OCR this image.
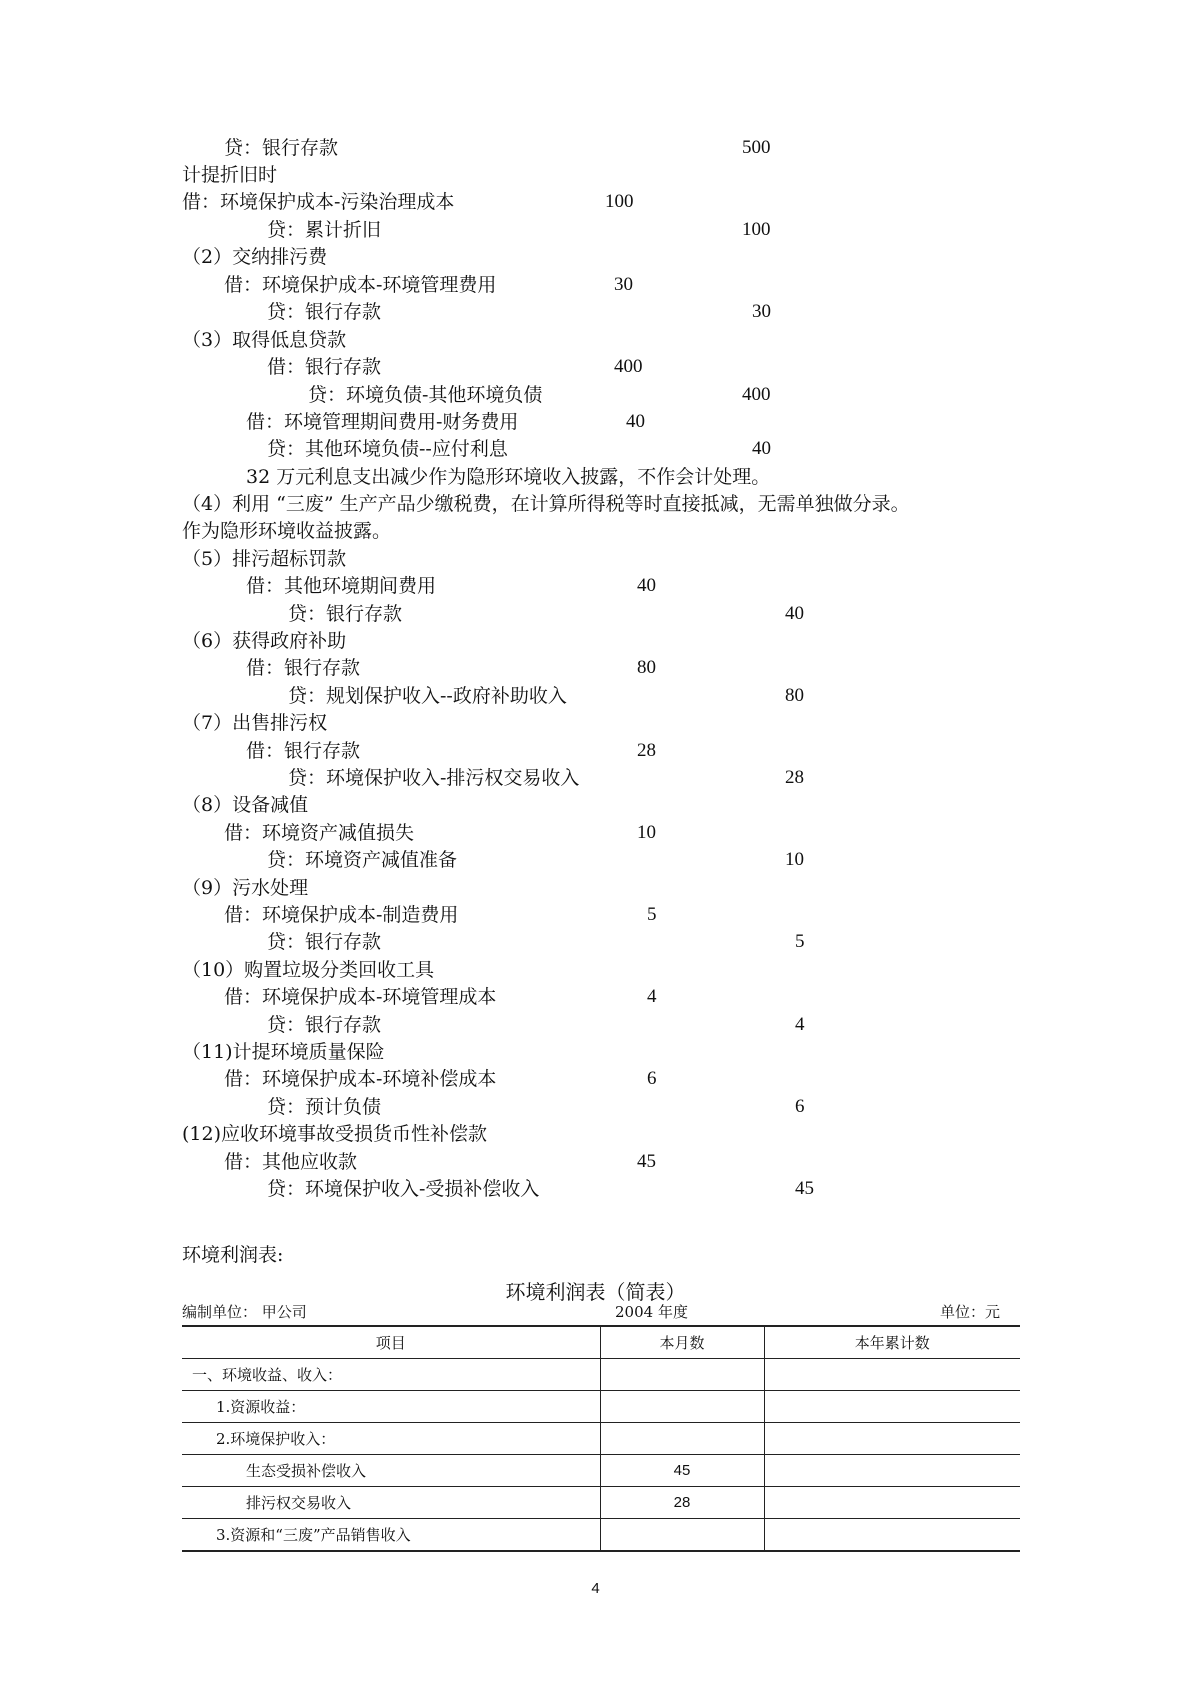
贷：银行存款	500
计提折旧时
借：环境保护成本-污染治理成本	100
贷：累计折旧	100
（2）交纳排污费
借：环境保护成本-环境管理费用	30
贷：银行存款	30
（3）取得低息贷款
借：银行存款	400
贷：环境负债-其他环境负债	400
借：环境管理期间费用-财务费用	40
贷：其他环境负债--应付利息	40
32 万元利息支出减少作为隐形环境收入披露，不作会计处理。
（4）利用 “三废” 生产产品少缴税费，在计算所得税等时直接抵减，无需单独做分录。
作为隐形环境收益披露。
（5）排污超标罚款
借：其他环境期间费用	40
贷：银行存款	40
（6）获得政府补助
借：银行存款	80
贷：规划保护收入--政府补助收入	80
（7）出售排污权
借：银行存款	28
贷：环境保护收入-排污权交易收入	28
（8）设备减值
借：环境资产减值损失	10
贷：环境资产减值准备	10
（9）污水处理
借：环境保护成本-制造费用	5
贷：银行存款	5
（10）购置垃圾分类回收工具
借：环境保护成本-环境管理成本	4
贷：银行存款	4
（11)计提环境质量保险
借：环境保护成本-环境补偿成本	6
贷：预计负债	6
(12)应收环境事故受损货币性补偿款
借：其他应收款	45
贷：环境保护收入-受损补偿收入	45
环境利润表:
环境利润表（简表）
编制单位： 甲公司	2004 年度	单位：元
项目	本月数	本年累计数
一、环境收益、收入：		
1.资源收益：		
2.环境保护收入：		
生态受损补偿收入	45	
排污权交易收入	28	
3.资源和“三废”产品销售收入		
4
